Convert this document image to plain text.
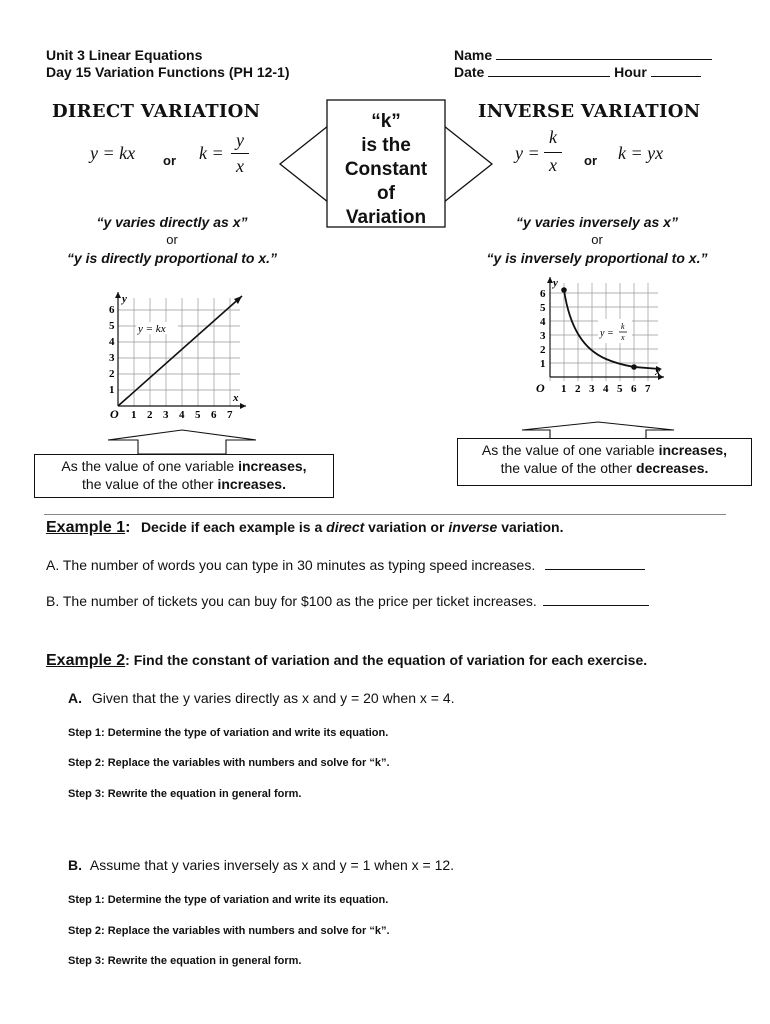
Unit 3 Linear Equations
Day 15 Variation Functions (PH 12-1)
Name
Date	Hour
DIRECT VARIATION
y = kx or k =
y
x
“y varies directly as x”
or
“y is directly proportional to x.”
“k”
is the
Constant
of
Variation
INVERSE VARIATION
y =
k
x or k = yx
“y varies inversely as x”
or
“y is inversely proportional to x.”
y = kx
y
x
O 1 2 3 4 5 6 7
1
2
3
4
5
6
y =
k
x
y
x
O 1 2 3 4 5 6 7
1
2
3
4
5
6
As the value of one variable increases,
the value of the other increases.
As the value of one variable increases,
the value of the other decreases.
Example 1: Decide if each example is a direct variation or inverse variation.
A. The number of words you can type in 30 minutes as typing speed increases.
B. The number of tickets you can buy for $100 as the price per ticket increases.
Example 2: Find the constant of variation and the equation of variation for each exercise.
A. Given that the y varies directly as x and y = 20 when x = 4.
Step 1: Determine the type of variation and write its equation.
Step 2: Replace the variables with numbers and solve for “k”.
Step 3: Rewrite the equation in general form.
B. Assume that y varies inversely as x and y = 1 when x = 12.
Step 1: Determine the type of variation and write its equation.
Step 2: Replace the variables with numbers and solve for “k”.
Step 3: Rewrite the equation in general form.
